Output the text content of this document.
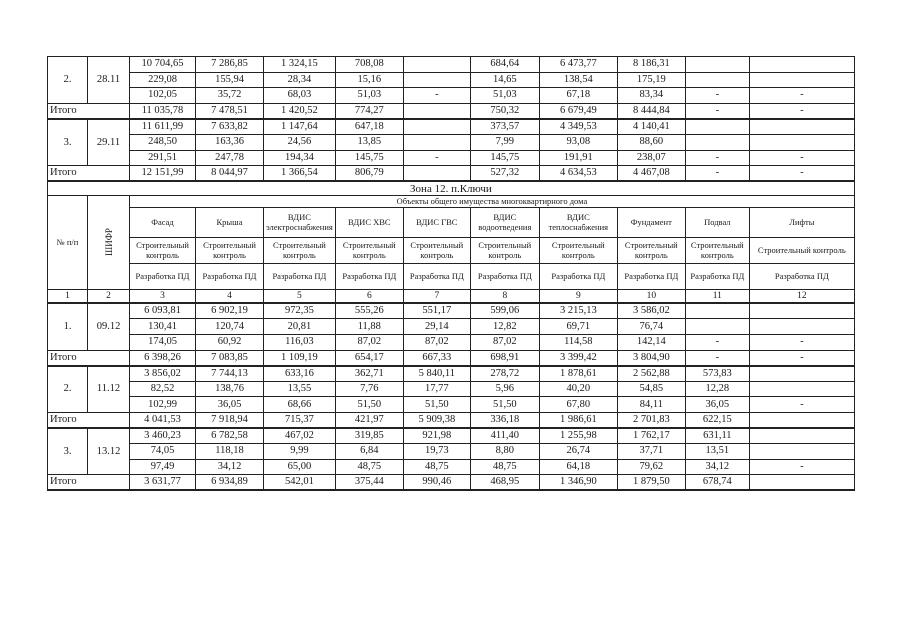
2.	28.11	10 704,65	7 286,85	1 324,15	708,08		684,64	6 473,77	8 186,31		
		229,08	155,94	28,34	15,16		14,65	138,54	175,19		
		102,05	35,72	68,03	51,03	-	51,03	67,18	83,34	-	-
Итого		11 035,78	7 478,51	1 420,52	774,27		750,32	6 679,49	8 444,84	-	-
3.	29.11	11 611,99	7 633,82	1 147,64	647,18		373,57	4 349,53	4 140,41		
		248,50	163,36	24,56	13,85		7,99	93,08	88,60		
		291,51	247,78	194,34	145,75	-	145,75	191,91	238,07	-	-
Итого		12 151,99	8 044,97	1 366,54	806,79		527,32	4 634,53	4 467,08	-	-
Зона 12. п.Ключи											
№ п/п	ШИФР	Объекты общего имущества многоквартирного дома									
		Фасад	Крыша	ВДИС электроснабжения	ВДИС ХВС	ВДИС ГВС	ВДИС водоотведения	ВДИС теплоснабжения	Фундамент	Подвал	Лифты
		Строительный контроль	Строительный контроль	Строительный контроль	Строительный контроль	Строительный контроль	Строительный контроль	Строительный контроль	Строительный контроль	Строительный контроль	Строительный контроль
		Разработка ПД	Разработка ПД	Разработка ПД	Разработка ПД	Разработка ПД	Разработка ПД	Разработка ПД	Разработка ПД	Разработка ПД	Разработка ПД
1	2	3	4	5	6	7	8	9	10	11	12
1.	09.12	6 093,81	6 902,19	972,35	555,26	551,17	599,06	3 215,13	3 586,02		
		130,41	120,74	20,81	11,88	29,14	12,82	69,71	76,74		
		174,05	60,92	116,03	87,02	87,02	87,02	114,58	142,14	-	-
Итого		6 398,26	7 083,85	1 109,19	654,17	667,33	698,91	3 399,42	3 804,90	-	-
2.	11.12	3 856,02	7 744,13	633,16	362,71	5 840,11	278,72	1 878,61	2 562,88	573,83	
		82,52	138,76	13,55	7,76	17,77	5,96	40,20	54,85	12,28	
		102,99	36,05	68,66	51,50	51,50	51,50	67,80	84,11	36,05	-
Итого		4 041,53	7 918,94	715,37	421,97	5 909,38	336,18	1 986,61	2 701,83	622,15	
3.	13.12	3 460,23	6 782,58	467,02	319,85	921,98	411,40	1 255,98	1 762,17	631,11	
		74,05	118,18	9,99	6,84	19,73	8,80	26,74	37,71	13,51	
		97,49	34,12	65,00	48,75	48,75	48,75	64,18	79,62	34,12	-
Итого		3 631,77	6 934,89	542,01	375,44	990,46	468,95	1 346,90	1 879,50	678,74	
